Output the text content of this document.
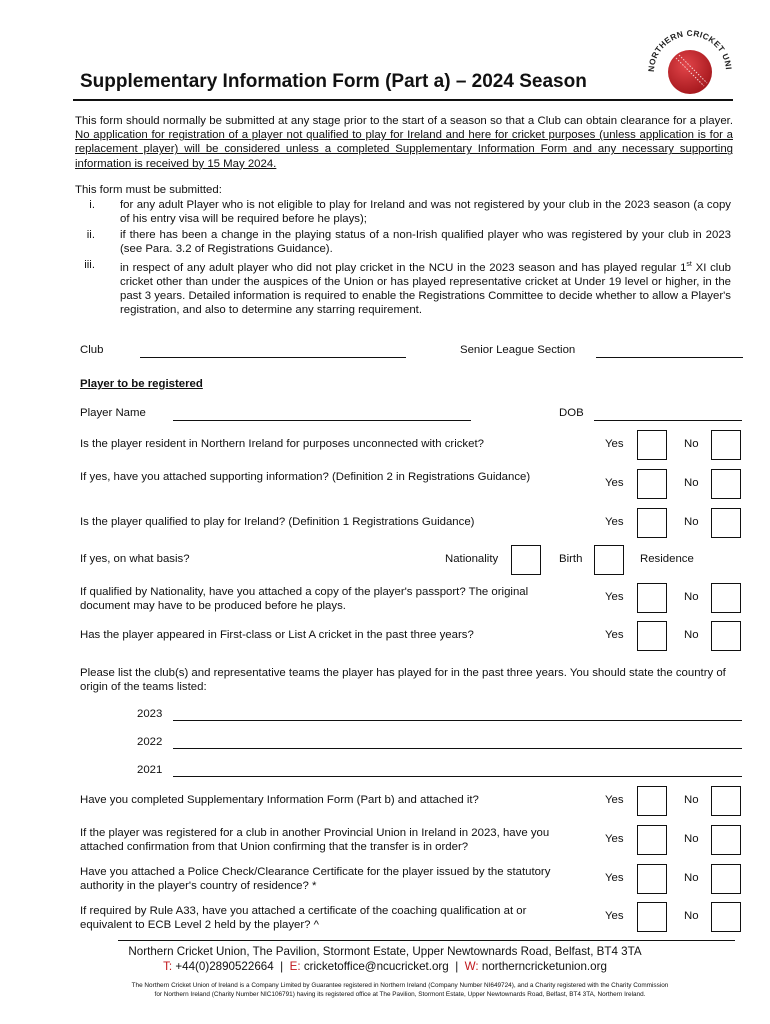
NORTHERN CRICKET UNI
Supplementary Information Form (Part a) – 2024 Season
This form should normally be submitted at any stage prior to the start of a season so that a Club can obtain clearance for a player. No application for registration of a player not qualified to play for Ireland and here for cricket purposes (unless application is for a replacement player) will be considered unless a completed Supplementary Information Form and any necessary supporting information is received by 15 May 2024.
This form must be submitted:
i. for any adult Player who is not eligible to play for Ireland and was not registered by your club in the 2023 season (a copy of his entry visa will be required before he plays);
ii. if there has been a change in the playing status of a non-Irish qualified player who was registered by your club in 2023 (see Para. 3.2 of Registrations Guidance).
iii. in respect of any adult player who did not play cricket in the NCU in the 2023 season and has played regular 1st XI club cricket other than under the auspices of the Union or has played representative cricket at Under 19 level or higher, in the past 3 years. Detailed information is required to enable the Registrations Committee to decide whether to allow a Player's registration, and also to determine any starring requirement.
Club	Senior League Section
Player to be registered
Player Name	DOB
Is the player resident in Northern Ireland for purposes unconnected with cricket?	Yes	No
If yes, have you attached supporting information? (Definition 2 in Registrations Guidance)	Yes	No
Is the player qualified to play for Ireland? (Definition 1 Registrations Guidance)	Yes	No
If yes, on what basis?	Nationality	Birth	Residence
If qualified by Nationality, have you attached a copy of the player's passport? The original document may have to be produced before he plays.
Yes	No
Has the player appeared in First-class or List A cricket in the past three years?	Yes	No
Please list the club(s) and representative teams the player has played for in the past three years. You should state the country of origin of the teams listed:
2023
2022
2021
Have you completed Supplementary Information Form (Part b) and attached it?	Yes	No
If the player was registered for a club in another Provincial Union in Ireland in 2023, have you attached confirmation from that Union confirming that the transfer is in order?
Yes	No
Have you attached a Police Check/Clearance Certificate for the player issued by the statutory authority in the player's country of residence? *
Yes	No
If required by Rule A33, have you attached a certificate of the coaching qualification at or equivalent to ECB Level 2 held by the player? ^
Yes	No
Northern Cricket Union, The Pavilion, Stormont Estate, Upper Newtownards Road, Belfast, BT4 3TA
T: +44(0)2890522664 | E: cricketoffice@ncucricket.org | W: northerncricketunion.org
The Northern Cricket Union of Ireland is a Company Limited by Guarantee registered in Northern Ireland (Company Number NI649724), and a Charity registered with the Charity Commission
for Northern Ireland (Charity Number NIC106791) having its registered office at The Pavilion, Stormont Estate, Upper Newtownards Road, Belfast, BT4 3TA, Northern Ireland.
